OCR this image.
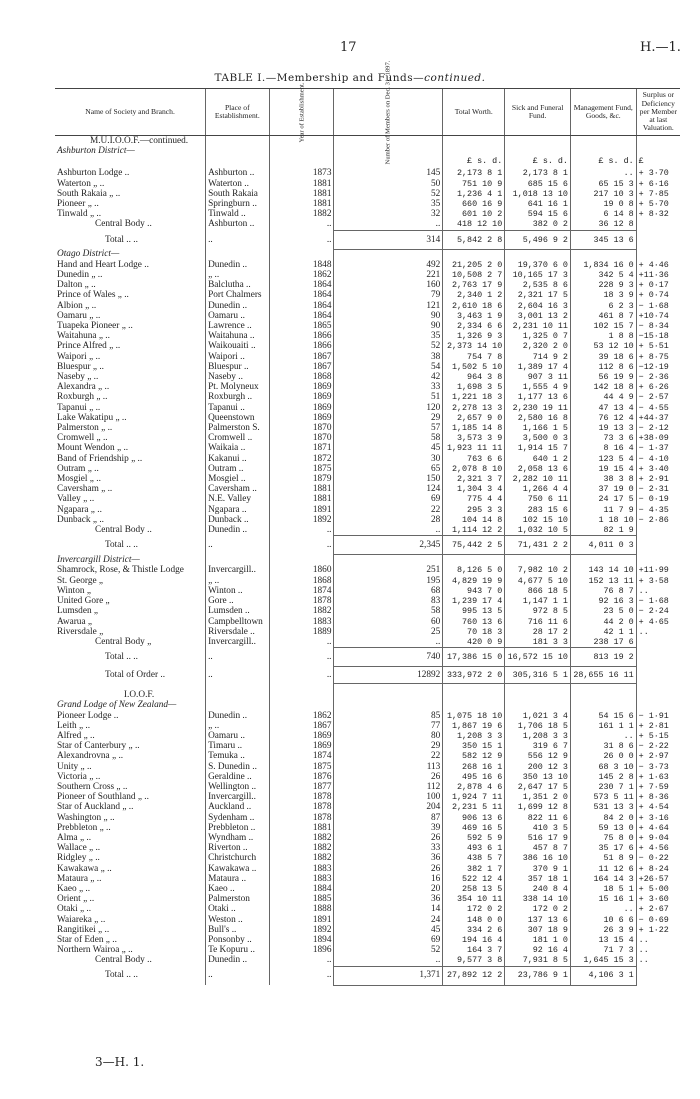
17	H.—1.
TABLE I.—Membership and Funds—continued.
Name of Society and Branch.	Place of Establishment.	Year of Establishment.	Number of Members on Dec. 31, 1897.	Total Worth.	Sick and Funeral Fund.	Management Fund, Goods, &c.	Surplus or Deficiency per Member at last Valuation.
M.U.I.O.O.F.—continued.							
Ashburton District—							
				£ s. d.	£ s. d.	£ s. d.	£
Ashburton Lodge ..	Ashburton ..	1873	145	2,173 8 1	2,173 8 1	..	+ 3·70
Waterton „ ..	Waterton ..	1881	50	751 10 9	685 15 6	65 15 3	+ 6·16
South Rakaia „ ..	South Rakaia	1881	52	1,236 4 1	1,018 13 10	217 10 3	+ 7·85
Pioneer „ ..	Springburn ..	1881	35	660 16 9	641 16 1	19 0 8	+ 5·70
Tinwald „ ..	Tinwald ..	1882	32	601 10 2	594 15 6	6 14 8	+ 8·32
Central Body ..	Ashburton ..	..	..	418 12 10	382 0 2	36 12 8	
Total .. ..	..	..	314	5,842 2 8	5,496 9 2	345 13 6	
Otago District—							
Hand and Heart Lodge ..	Dunedin ..	1848	492	21,205 2 0	19,370 6 0	1,834 16 0	+ 4·46
Dunedin „ ..	„ ..	1862	221	10,508 2 7	10,165 17 3	342 5 4	+11·36
Dalton „ ..	Balclutha ..	1864	160	2,763 17 9	2,535 8 6	228 9 3	+ 0·17
Prince of Wales „ ..	Port Chalmers	1864	79	2,340 1 2	2,321 17 5	18 3 9	+ 0·74
Albion „ ..	Dunedin ..	1864	121	2,610 18 6	2,604 16 3	6 2 3	− 1·68
Oamaru „ ..	Oamaru ..	1864	90	3,463 1 9	3,001 13 2	461 8 7	+10·74
Tuapeka Pioneer „ ..	Lawrence ..	1865	90	2,334 6 6	2,231 10 11	102 15 7	− 8·34
Waitahuna „ ..	Waitahuna ..	1866	35	1,326 9 3	1,325 0 7	1 8 8	−15·18
Prince Alfred „ ..	Waikouaiti ..	1866	52	2,373 14 10	2,320 2 0	53 12 10	+ 5·51
Waipori „ ..	Waipori ..	1867	38	754 7 8	714 9 2	39 18 6	+ 8·75
Bluespur „ ..	Bluespur ..	1867	54	1,502 5 10	1,389 17 4	112 8 6	−12·19
Naseby „ ..	Naseby ..	1868	42	964 3 8	907 3 11	56 19 9	− 2·36
Alexandra „ ..	Pt. Molyneux	1869	33	1,698 3 5	1,555 4 9	142 18 8	+ 6·26
Roxburgh „ ..	Roxburgh ..	1869	51	1,221 18 3	1,177 13 6	44 4 9	− 2·57
Tapanui „ ..	Tapanui ..	1869	120	2,278 13 3	2,230 19 11	47 13 4	− 4·55
Lake Wakatipu „ ..	Queenstown	1869	29	2,657 9 0	2,580 16 8	76 12 4	+44·37
Palmerston „ ..	Palmerston S.	1870	57	1,185 14 8	1,166 1 5	19 13 3	− 2·12
Cromwell „ ..	Cromwell ..	1870	58	3,573 3 9	3,500 0 3	73 3 6	+38·09
Mount Wendon „ ..	Waikaia ..	1871	45	1,923 11 11	1,914 15 7	8 16 4	− 1·37
Band of Friendship „ ..	Kakanui ..	1872	30	763 6 6	640 1 2	123 5 4	− 4·10
Outram „ ..	Outram ..	1875	65	2,078 8 10	2,058 13 6	19 15 4	+ 3·40
Mosgiel „ ..	Mosgiel ..	1879	150	2,321 3 7	2,282 10 11	38 3 8	+ 2·91
Caversham „ ..	Caversham ..	1881	124	1,304 3 4	1,266 4 4	37 19 0	− 2·31
Valley „ ..	N.E. Valley	1881	69	775 4 4	750 6 11	24 17 5	− 0·19
Ngapara „ ..	Ngapara ..	1891	22	295 3 3	283 15 6	11 7 9	− 4·35
Dunback „ ..	Dunback ..	1892	28	104 14 8	102 15 10	1 18 10	− 2·86
Central Body ..	Dunedin ..	..	..	1,114 12 2	1,032 10 5	82 1 9	
Total .. ..	..	..	2,345	75,442 2 5	71,431 2 2	4,011 0 3	
Invercargill District—							
Shamrock, Rose, & Thistle Lodge	Invercargill..	1860	251	8,126 5 0	7,982 10 2	143 14 10	+11·99
St. George „	„ ..	1868	195	4,829 19 9	4,677 5 10	152 13 11	+ 3·58
Winton „	Winton ..	1874	68	943 7 0	866 18 5	76 8 7	..
United Gore „	Gore ..	1878	83	1,239 17 4	1,147 1 1	92 16 3	− 1·68
Lumsden „	Lumsden ..	1882	58	995 13 5	972 8 5	23 5 0	− 2·24
Awarua „	Campbelltown	1883	60	760 13 6	716 11 6	44 2 0	+ 4·65
Riversdale „	Riversdale ..	1889	25	70 18 3	28 17 2	42 1 1	..
Central Body „	Invercargill..	..	..	420 0 9	181 3 3	238 17 6	
Total .. ..	..	..	740	17,386 15 0	16,572 15 10	813 19 2	
Total of Order ..	..	..	12892	333,972 2 0	305,316 5 1	28,655 16 11	

I.O.O.F.							
Grand Lodge of New Zealand—							
Pioneer Lodge ..	Dunedin ..	1862	85	1,075 18 10	1,021 3 4	54 15 6	− 1·91
Leith „ ..	„ ..	1867	77	1,867 19 6	1,706 18 5	161 1 1	+ 2·81
Alfred „ ..	Oamaru ..	1869	80	1,208 3 3	1,208 3 3	..	+ 5·15
Star of Canterbury „ ..	Timaru ..	1869	29	350 15 1	319 6 7	31 8 6	− 2·22
Alexandrovna „ ..	Temuka ..	1874	22	582 12 9	556 12 9	26 0 0	+ 2·97
Unity „ ..	S. Dunedin ..	1875	113	268 16 1	200 12 3	68 3 10	− 3·73
Victoria „ ..	Geraldine ..	1876	26	495 16 6	350 13 10	145 2 8	+ 1·63
Southern Cross „ ..	Wellington ..	1877	112	2,878 4 6	2,647 17 5	230 7 1	+ 7·59
Pioneer of Southland „ ..	Invercargill..	1878	100	1,924 7 11	1,351 2 0	573 5 11	+ 8·36
Star of Auckland „ ..	Auckland ..	1878	204	2,231 5 11	1,699 12 8	531 13 3	+ 4·54
Washington „ ..	Sydenham ..	1878	87	906 13 6	822 11 6	84 2 0	+ 3·16
Prebbleton „ ..	Prebbleton ..	1881	39	469 16 5	410 3 5	59 13 0	+ 4·64
Alma „ ..	Wyndham ..	1882	26	592 5 9	516 17 9	75 8 0	+ 9·04
Wallace „ ..	Riverton ..	1882	33	493 6 1	457 8 7	35 17 6	+ 4·56
Ridgley „ ..	Christchurch	1882	36	438 5 7	386 16 10	51 8 9	− 0·22
Kawakawa „ ..	Kawakawa ..	1883	26	382 1 7	370 9 1	11 12 6	+ 8·24
Mataura „ ..	Mataura ..	1883	16	522 12 4	357 18 1	164 14 3	+26·57
Kaeo „ ..	Kaeo ..	1884	20	258 13 5	240 8 4	18 5 1	+ 5·00
Orient „ ..	Palmerston	1885	36	354 10 11	338 14 10	15 16 1	+ 3·60
Otaki „ ..	Otaki ..	1888	14	172 0 2	172 0 2	..	+ 2·67
Waiareka „ ..	Weston ..	1891	24	148 0 0	137 13 6	10 6 6	− 0·69
Rangitikei „ ..	Bull's ..	1892	45	334 2 6	307 18 9	26 3 9	+ 1·22
Star of Eden „ ..	Ponsonby ..	1894	69	194 16 4	181 1 0	13 15 4	..
Northern Wairoa „ ..	Te Kopuru ..	1896	52	164 3 7	92 16 4	71 7 3	..
Central Body ..	Dunedin ..	..	..	9,577 3 8	7,931 8 5	1,645 15 3	..
Total .. ..	..	..	1,371	27,892 12 2	23,786 9 1	4,106 3 1	
3—H. 1.
